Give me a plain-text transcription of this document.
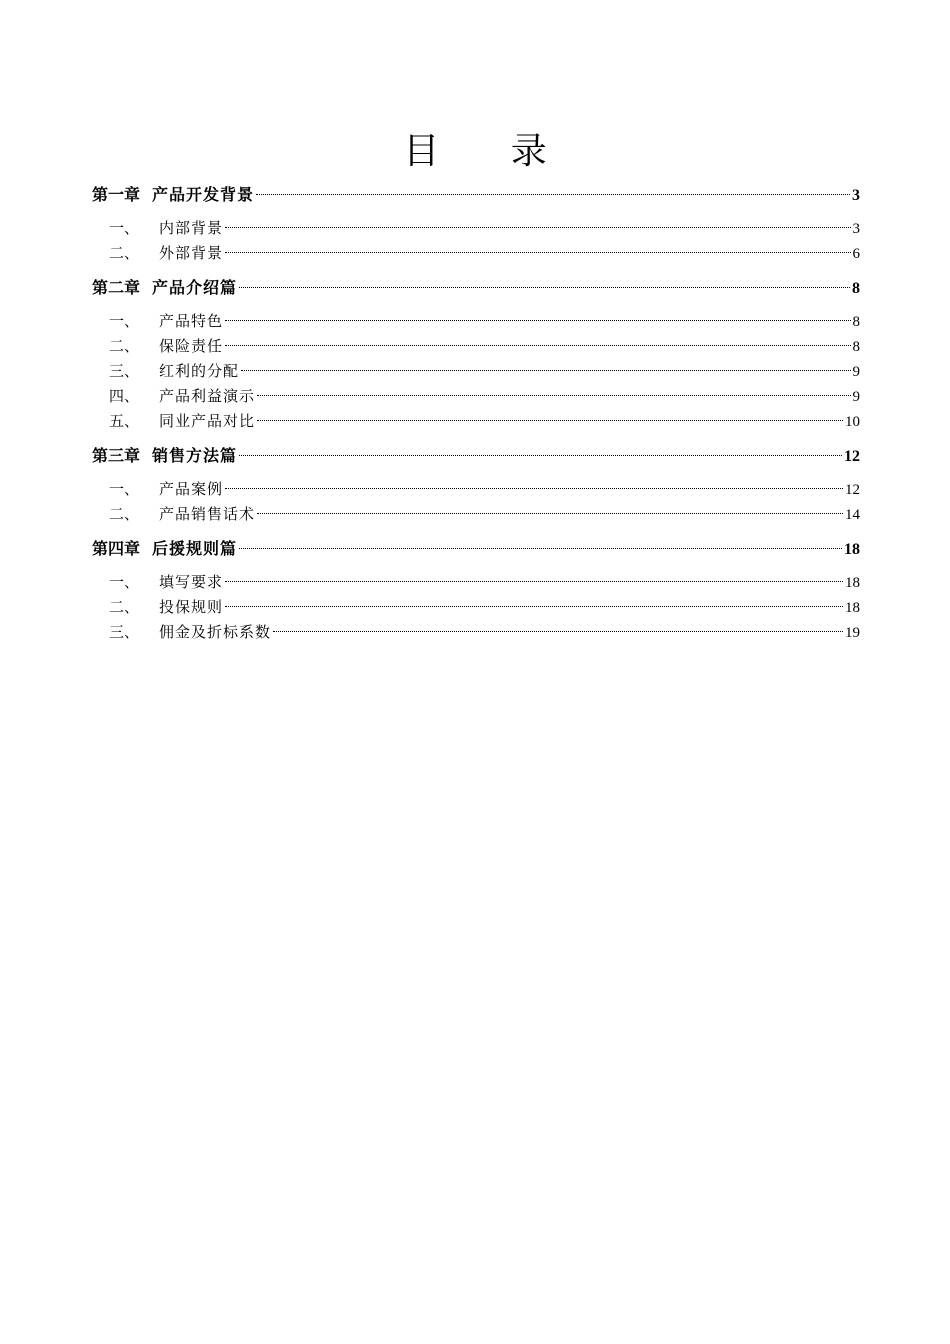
目 录
第一章 产品开发背景	3
一、	内部背景	3
二、	外部背景	6
第二章 产品介绍篇	8
一、	产品特色	8
二、	保险责任	8
三、	红利的分配	9
四、	产品利益演示	9
五、	同业产品对比	10
第三章 销售方法篇	12
一、	产品案例	12
二、	产品销售话术	14
第四章 后援规则篇	18
一、	填写要求	18
二、	投保规则	18
三、	佣金及折标系数	19
